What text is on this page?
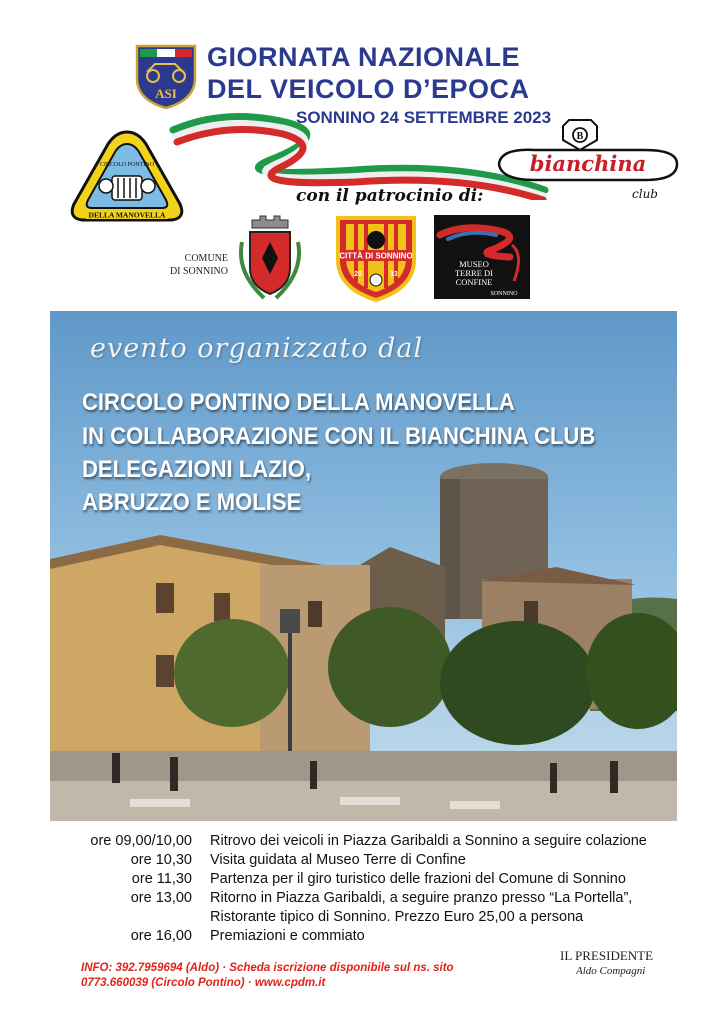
ASI
GIORNATA NAZIONALE
DEL VEICOLO D’EPOCA
SONNINO 24 SETTEMBRE 2023
CIRCOLO PONTINO
DELLA MANOVELLA
B
bianchina
club
con il patrocinio di:
COMUNE
DI SONNINO
CITTÀ DI SONNINO
20	13
MUSEO
TERRE DI
CONFINE
SONNINO
evento organizzato dal
CIRCOLO PONTINO DELLA MANOVELLA
IN COLLABORAZIONE CON IL BIANCHINA CLUB
DELEGAZIONI LAZIO,
ABRUZZO E MOLISE
ore 09,00/10,00 Ritrovo dei veicoli in Piazza Garibaldi a Sonnino a seguire colazione
ore 10,30 Visita guidata al Museo Terre di Confine
ore 11,30 Partenza per il giro turistico delle frazioni del Comune di Sonnino
ore 13,00 Ritorno in Piazza Garibaldi, a seguire pranzo presso “La Portella”,
Ristorante tipico di Sonnino. Prezzo Euro 25,00 a persona
ore 16,00 Premiazioni e commiato
INFO: 392.7959694 (Aldo) · Scheda iscrizione disponibile sul ns. sito
0773.660039 (Circolo Pontino) · www.cpdm.it
IL PRESIDENTE
Aldo Compagni
